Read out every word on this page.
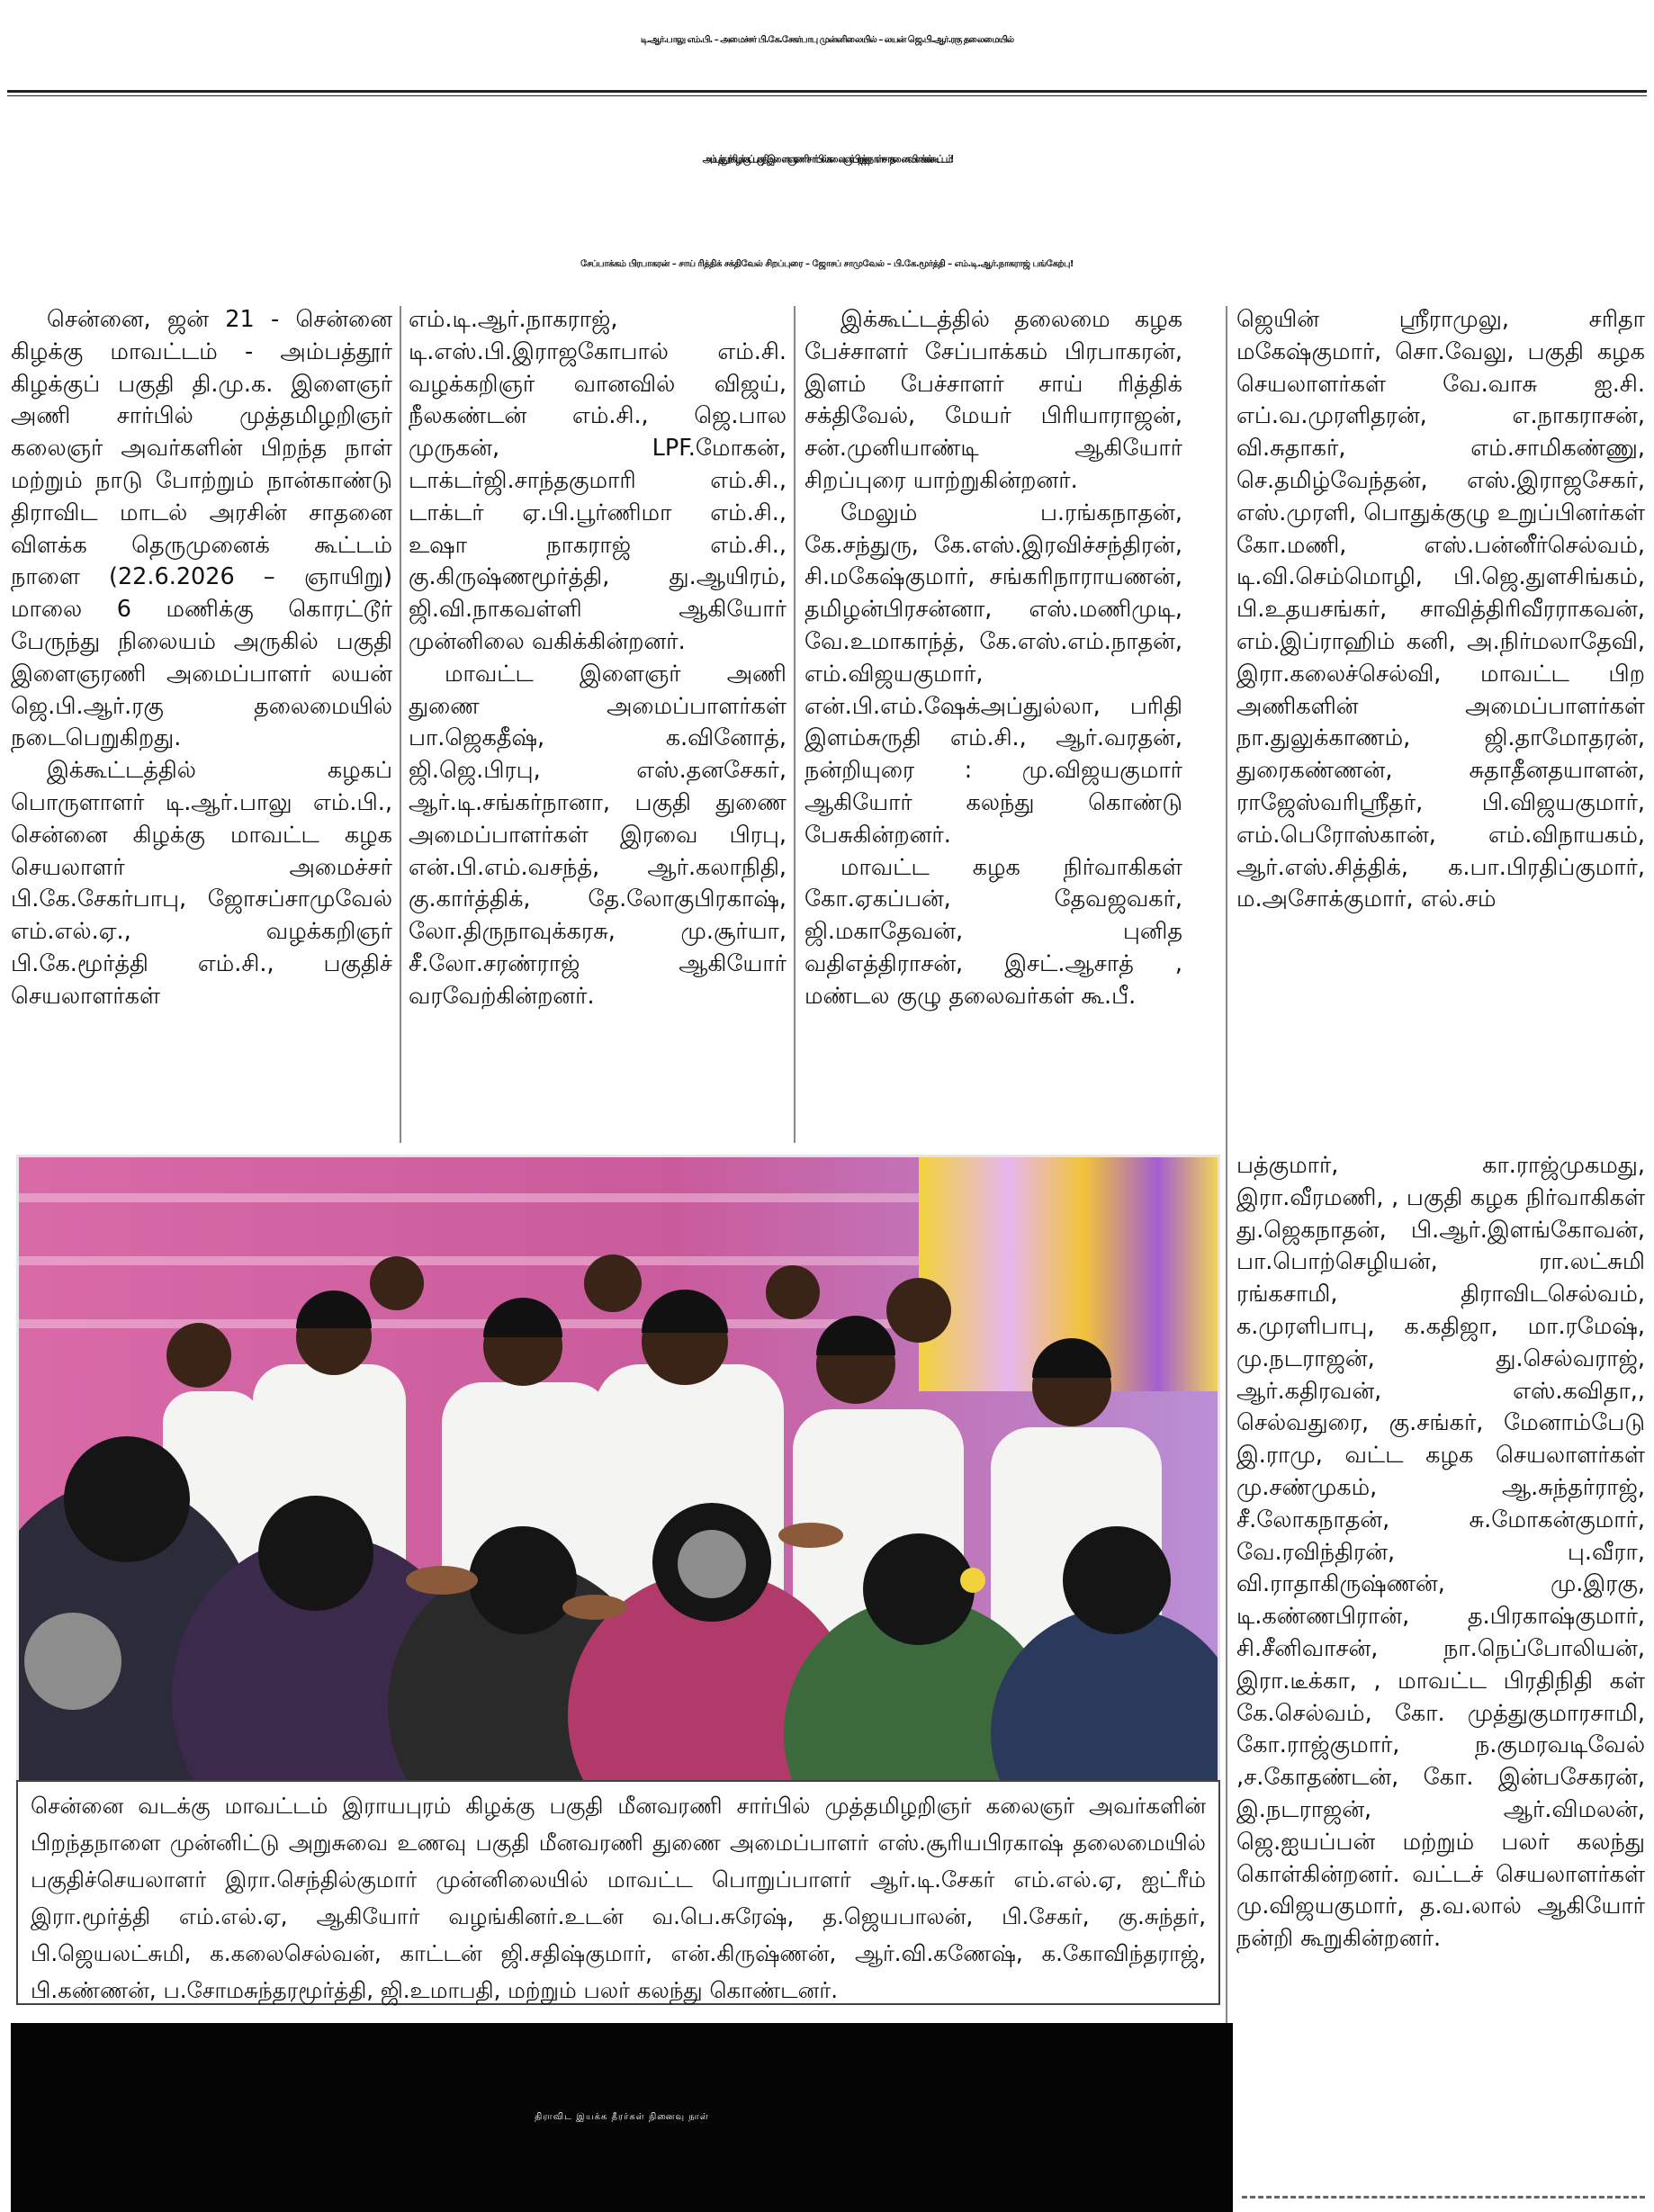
டி.ஆர்.பாலு எம்.பி. – அமைச்சர் பி.கே.சேகர்பாபு முன்னிலையில் – லயன் ஜெ.பி.ஆர்.ரகு தலைமையில்
அம்பத்தூர் கிழக்குப் பகுதி இளைஞரணி சார்பில் கலைஞர் பிறந்த நாள்- சாதனை விளக்கக் கூட்டம்!
சேப்பாக்கம் பிரபாகரன் – சாய் ரித்திக் சக்திவேல் சிறப்புரை – ஜோசப் சாமுவேல் – பி.கே.மூர்த்தி – எம்.டி.ஆர்.நாகராஜ் பங்கேற்பு!

சென்னை, ஜன் 21 - சென்னை கிழக்கு மாவட்டம் - அம்பத்தூர் கிழக்குப் பகுதி தி.மு.க. இளைஞர் அணி சார்பில் முத்தமிழறிஞர் கலைஞர் அவர்களின் பிறந்த நாள் மற்றும் நாடு போற்றும் நான்காண்டு திராவிட மாடல் அரசின் சாதனை விளக்க தெருமுனைக் கூட்டம் நாளை (22.6.2026 – ஞாயிறு) மாலை 6 மணிக்கு கொரட்டூர் பேருந்து நிலையம் அருகில் பகுதி இளைஞரணி அமைப்பாளர் லயன் ஜெ.பி.ஆர்.ரகு தலைமையில் நடைபெறுகிறது.

இக்கூட்டத்தில் கழகப் பொருளாளர் டி.ஆர்.பாலு எம்.பி., சென்னை கிழக்கு மாவட்ட கழக செயலாளர் அமைச்சர் பி.கே.சேகர்பாபு, ஜோசப்சாமுவேல் எம்.எல்.ஏ., வழக்கறிஞர் பி.கே.மூர்த்தி எம்.சி., பகுதிச் செயலாளர்கள்

எம்.டி.ஆர்.நாகராஜ், டி.எஸ்.பி.இராஜகோபால் எம்.சி. வழக்கறிஞர் வானவில் விஜய், நீலகண்டன் எம்.சி., ஜெ.பால முருகன், LPF.மோகன், டாக்டர்ஜி.சாந்தகுமாரி எம்.சி., டாக்டர் ஏ.பி.பூர்ணிமா எம்.சி., உஷா நாகராஜ் எம்.சி., கு.கிருஷ்ணமூர்த்தி, து.ஆயிரம், ஜி.வி.நாகவள்ளி ஆகியோர் முன்னிலை வகிக்கின்றனர்.

மாவட்ட இளைஞர் அணி துணை அமைப்பாளர்கள் பா.ஜெகதீஷ், க.வினோத், ஜி.ஜெ.பிரபு, எஸ்.தனசேகர், ஆர்.டி.சங்கர்நானா, பகுதி துணை அமைப்பாளர்கள் இரவை பிரபு, என்.பி.எம்.வசந்த், ஆர்.கலாநிதி, கு.கார்த்திக், தே.லோகுபிரகாஷ், லோ.திருநாவுக்கரசு, மு.சூர்யா, சீ.லோ.சரண்ராஜ் ஆகியோர் வரவேற்கின்றனர்.

இக்கூட்டத்தில் தலைமை கழக பேச்சாளர் சேப்பாக்கம் பிரபாகரன், இளம் பேச்சாளர் சாய் ரித்திக் சக்திவேல், மேயர் பிரியாராஜன், சன்.முனியாண்டி ஆகியோர் சிறப்புரை யாற்றுகின்றனர்.

மேலும் ப.ரங்கநாதன், கே.சந்துரு, கே.எஸ்.இரவிச்சந்திரன், சி.மகேஷ்குமார், சங்கரிநாராயணன், தமிழன்பிரசன்னா, எஸ்.மணிமுடி, வே.உமாகாந்த், கே.எஸ்.எம்.நாதன், எம்.விஜயகுமார், என்.பி.எம்.ஷேக்அப்துல்லா, பரிதி இளம்சுருதி எம்.சி., ஆர்.வரதன், நன்றியுரை : மு.விஜயகுமார் ஆகியோர் கலந்து கொண்டு பேசுகின்றனர்.

மாவட்ட கழக நிர்வாகிகள் கோ.ஏகப்பன், தேவஜவகர், ஜி.மகாதேவன், புனித வதிஎத்திராசன், இசட்.ஆசாத் , மண்டல குழு தலைவர்கள் கூ.பீ.

ஜெயின் ஸ்ரீராமுலு, சரிதா மகேஷ்குமார், சொ.வேலு, பகுதி கழக செயலாளர்கள் வே.வாசு ஐ.சி. எப்.வ.முரளிதரன், எ.நாகராசன், வி.சுதாகர், எம்.சாமிகண்ணு, செ.தமிழ்வேந்தன், எஸ்.இராஜசேகர், எஸ்.முரளி, பொதுக்குழு உறுப்பினர்கள் கோ.மணி, எஸ்.பன்னீர்செல்வம், டி.வி.செம்மொழி, பி.ஜெ.துளசிங்கம், பி.உதயசங்கர், சாவித்திரிவீரராகவன், எம்.இப்ராஹிம் கனி, அ.நிர்மலாதேவி, இரா.கலைச்செல்வி, மாவட்ட பிற அணிகளின் அமைப்பாளர்கள் நா.துலுக்காணம், ஜி.தாமோதரன், துரைகண்ணன், சுதாதீனதயாளன், ராஜேஸ்வரிஸ்ரீதர், பி.விஜயகுமார், எம்.பெரோஸ்கான், எம்.விநாயகம், ஆர்.எஸ்.சித்திக், க.பா.பிரதிப்குமார், ம.அசோக்குமார், எல்.சம்

பத்குமார், கா.ராஜ்முகமது, இரா.வீரமணி, , பகுதி கழக நிர்வாகிகள் து.ஜெகநாதன், பி.ஆர்.இளங்கோவன், பா.பொற்செழியன், ரா.லட்சுமி ரங்கசாமி, திராவிடசெல்வம், க.முரளிபாபு, க.கதிஜா, மா.ரமேஷ், மு.நடராஜன், து.செல்வராஜ், ஆர்.கதிரவன், எஸ்.கவிதா,, செல்வதுரை, கு.சங்கர், மேனாம்பேடு இ.ராமு, வட்ட கழக செயலாளர்கள் மு.சண்முகம், ஆ.சுந்தர்ராஜ், சீ.லோகநாதன், சு.மோகன்குமார், வே.ரவிந்திரன், பு.வீரா, வி.ராதாகிருஷ்ணன், மு.இரகு, டி.கண்ணபிரான், த.பிரகாஷ்குமார், சி.சீனிவாசன், நா.நெப்போலியன், இரா.டீக்கா, , மாவட்ட பிரதிநிதி கள் கே.செல்வம், கோ. முத்துகுமாரசாமி, கோ.ராஜ்குமார், ந.குமரவடிவேல் ,ச.கோதண்டன், கோ. இன்பசேகரன், இ.நடராஜன், ஆர்.விமலன், ஜெ.ஐயப்பன் மற்றும் பலர் கலந்து கொள்கின்றனர். வட்டச் செயலாளர்கள் மு.விஜயகுமார், த.வ.லால் ஆகியோர் நன்றி கூறுகின்றனர்.

சென்னை வடக்கு மாவட்டம் இராயபுரம் கிழக்கு பகுதி மீனவரணி சார்பில் முத்தமிழறிஞர் கலைஞர் அவர்களின் பிறந்தநாளை முன்னிட்டு அறுசுவை உணவு பகுதி மீனவரணி துணை அமைப்பாளர் எஸ்.சூரியபிரகாஷ் தலைமையில் பகுதிச்செயலாளர் இரா.செந்தில்குமார் முன்னிலையில் மாவட்ட பொறுப்பாளர் ஆர்.டி.சேகர் எம்.எல்.ஏ, ஐட்ரீம் இரா.மூர்த்தி எம்.எல்.ஏ, ஆகியோர் வழங்கினர்.உடன் வ.பெ.சுரேஷ், த.ஜெயபாலன், பி.சேகர், கு.சுந்தர், பி.ஜெயலட்சுமி, க.கலைசெல்வன், காட்டன் ஜி.சதிஷ்குமார், என்.கிருஷ்ணன், ஆர்.வி.கணேஷ், க.கோவிந்தராஜ், பி.கண்ணன், ப.சோமசுந்தரமூர்த்தி, ஜி.உமாபதி, மற்றும் பலர் கலந்து கொண்டனர்.
திராவிட இயக்க தீரர்கள் நினைவு நாள்
